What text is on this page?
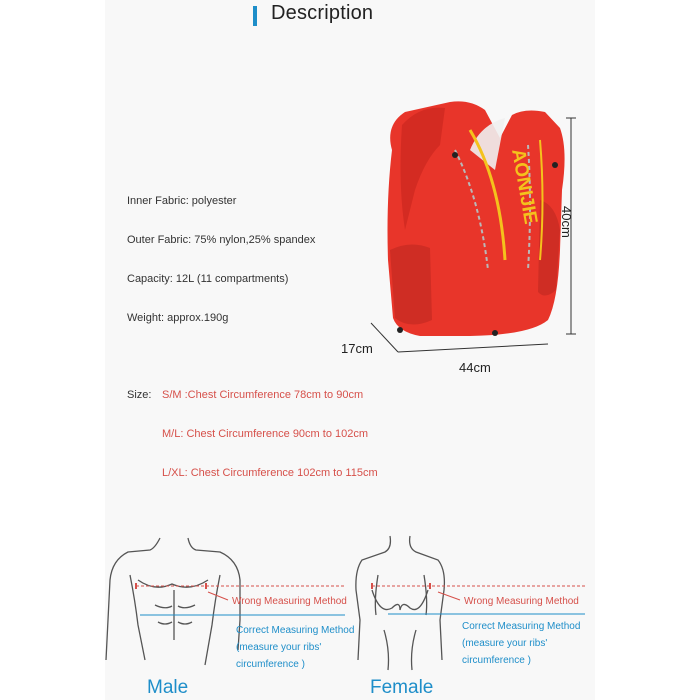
Description
Inner Fabric: polyester
Outer Fabric: 75% nylon,25% spandex
Capacity: 12L (11 compartments)
Weight: approx.190g
AONIJIE 40cm
44cm
17cm
Size: S/M :Chest Circumference 78cm to 90cm
M/L: Chest Circumference 90cm to 102cm
L/XL: Chest Circumference 102cm to 115cm
Wrong Measuring Method
Correct Measuring Method
(measure your ribs'
circumference )
Wrong Measuring Method
Correct Measuring Method
(measure your ribs'
circumference )
Male	Female
